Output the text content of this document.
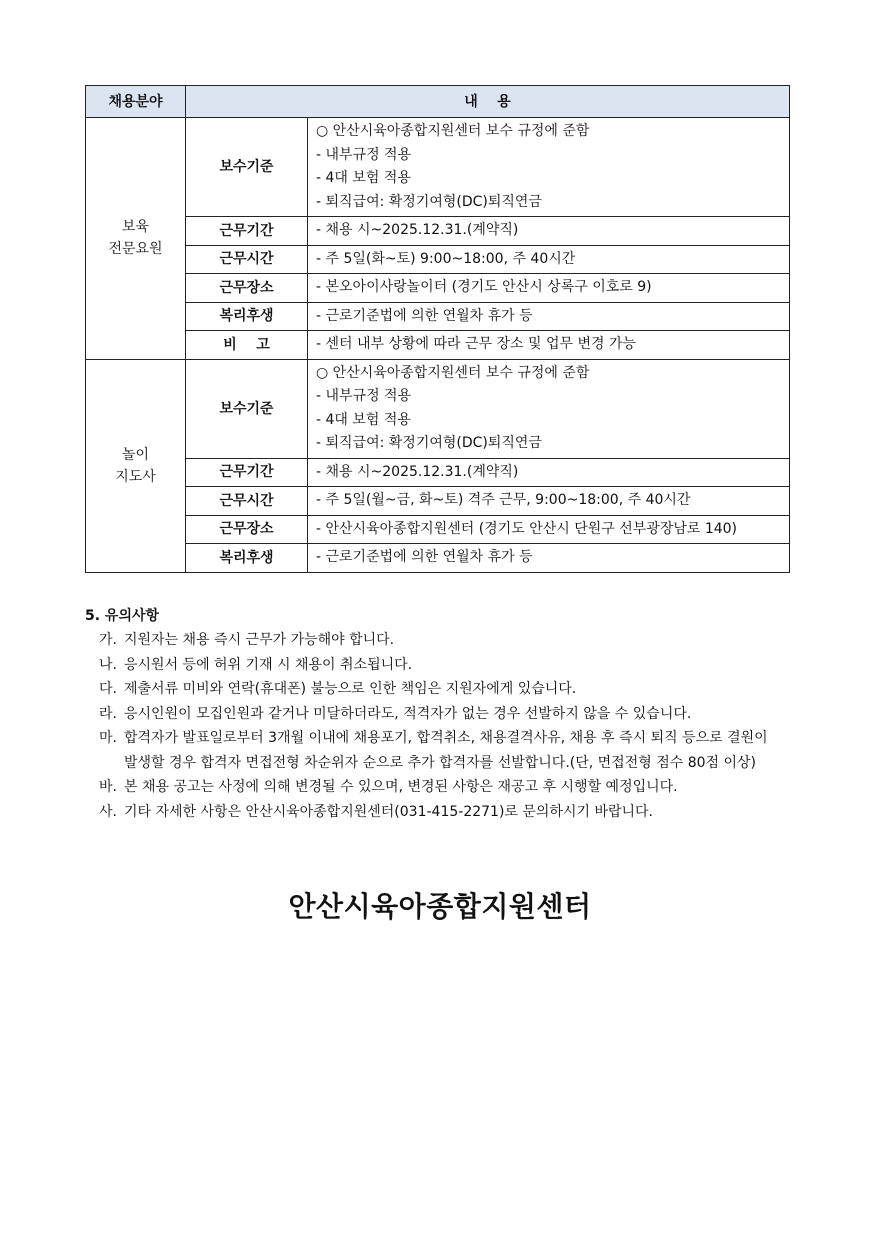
채용분야	내    용	

보육
전문요원	보수기준	○ 안산시육아종합지원센터 보수 규정에 준함
- 내부규정 적용
- 4대 보험 적용
- 퇴직급여: 확정기여형(DC)퇴직연금

	근무기간	- 채용 시~2025.12.31.(계약직)

	근무시간	- 주 5일(화~토) 9:00~18:00, 주 40시간

	근무장소	- 본오아이사랑놀이터 (경기도 안산시 상록구 이호로 9)

	복리후생	- 근로기준법에 의한 연월차 휴가 등

	비    고	- 센터 내부 상황에 따라 근무 장소 및 업무 변경 가능

놀이
지도사	보수기준	○ 안산시육아종합지원센터 보수 규정에 준함
- 내부규정 적용
- 4대 보험 적용
- 퇴직급여: 확정기여형(DC)퇴직연금

	근무기간	- 채용 시~2025.12.31.(계약직)

	근무시간	- 주 5일(월~금, 화~토) 격주 근무, 9:00~18:00, 주 40시간

	근무장소	- 안산시육아종합지원센터 (경기도 안산시 단원구 선부광장남로 140)

	복리후생	- 근로기준법에 의한 연월차 휴가 등
5. 유의사항
가. 지원자는 채용 즉시 근무가 가능해야 합니다.
나. 응시원서 등에 허위 기재 시 채용이 취소됩니다.
다. 제출서류 미비와 연락(휴대폰) 불능으로 인한 책임은 지원자에게 있습니다.
라. 응시인원이 모집인원과 같거나 미달하더라도, 적격자가 없는 경우 선발하지 않을 수 있습니다.
마. 합격자가 발표일로부터 3개월 이내에 채용포기, 합격취소, 채용결격사유, 채용 후 즉시 퇴직 등으로 결원이 발생할 경우 합격자 면접전형 차순위자 순으로 추가 합격자를 선발합니다.(단, 면접전형 점수 80점 이상)
바. 본 채용 공고는 사정에 의해 변경될 수 있으며, 변경된 사항은 재공고 후 시행할 예정입니다.
사. 기타 자세한 사항은 안산시육아종합지원센터(031-415-2271)로 문의하시기 바랍니다.
안산시육아종합지원센터
